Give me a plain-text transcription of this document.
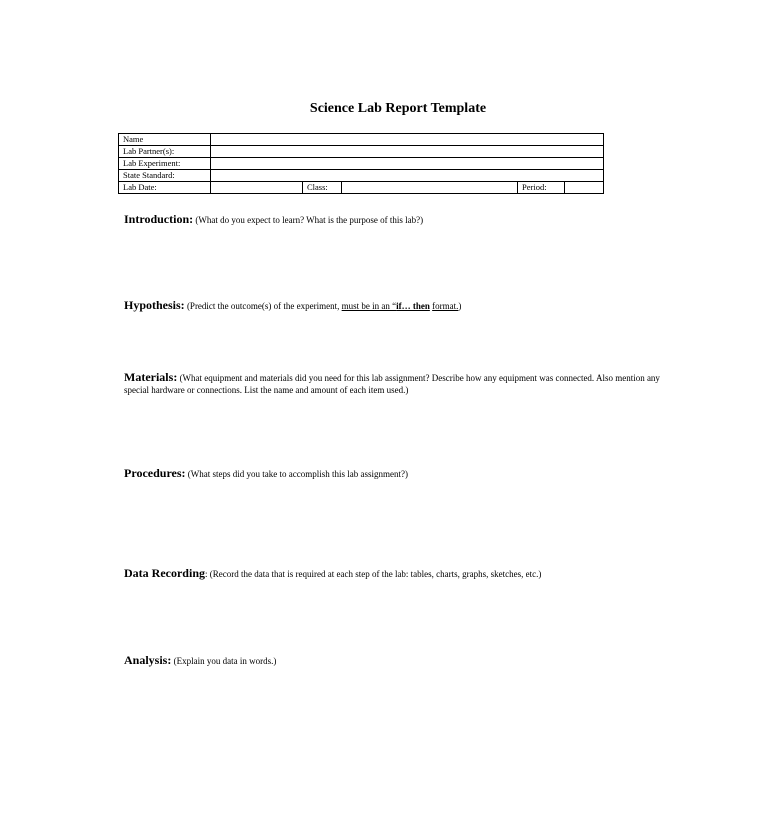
Science Lab Report Template
Name					
Lab Partner(s):					
Lab Experiment:					
State Standard:					
Lab Date:		Class:		Period:	
Introduction: (What do you expect to learn? What is the purpose of this lab?)
Hypothesis: (Predict the outcome(s) of the experiment, must be in an “if… then format.)
Materials: (What equipment and materials did you need for this lab assignment? Describe how any equipment was connected. Also mention any special hardware or connections. List the name and amount of each item used.)
Procedures: (What steps did you take to accomplish this lab assignment?)
Data Recording: (Record the data that is required at each step of the lab: tables, charts, graphs, sketches, etc.)
Analysis: (Explain you data in words.)
